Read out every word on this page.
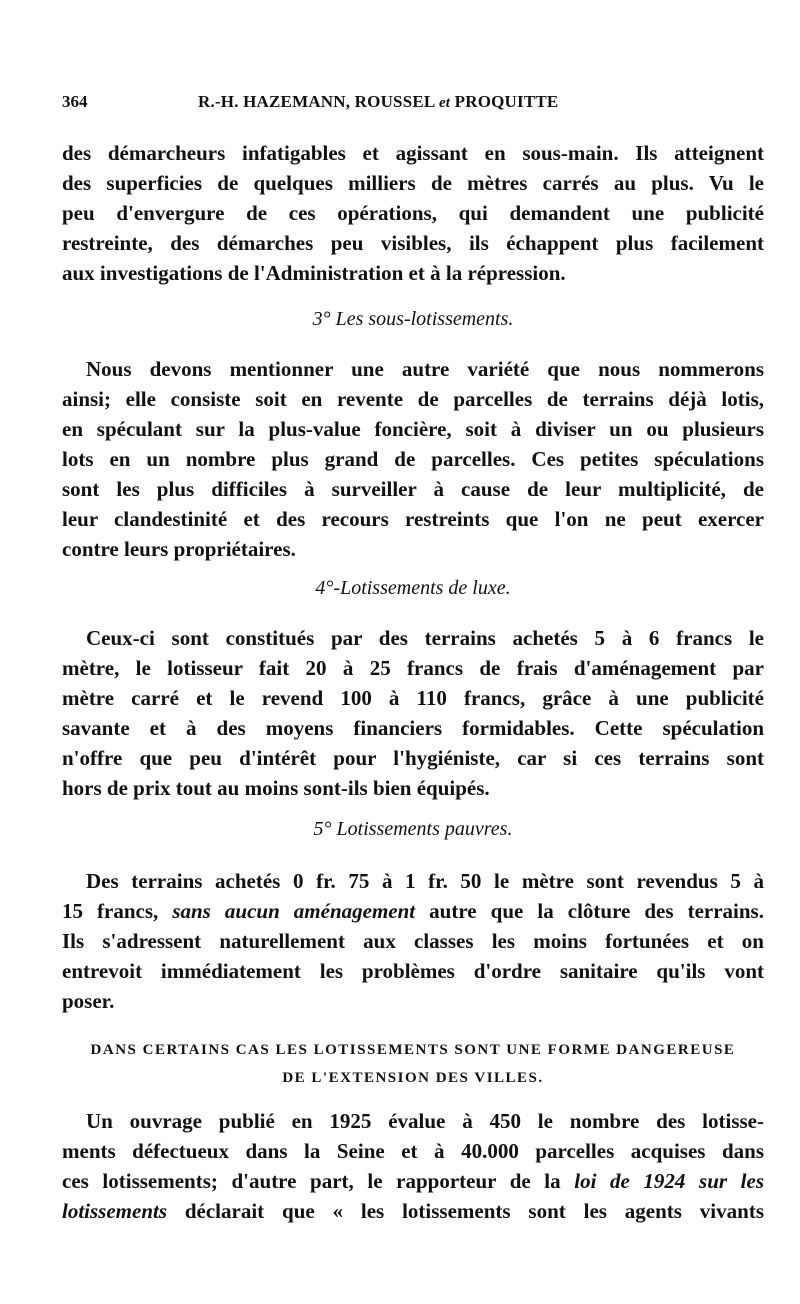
364	R.-H. HAZEMANN, ROUSSEL et PROQUITTE
des démarcheurs infatigables et agissant en sous-main. Ils atteignent
des superficies de quelques milliers de mètres carrés au plus. Vu le
peu d'envergure de ces opérations, qui demandent une publicité
restreinte, des démarches peu visibles, ils échappent plus facilement
aux investigations de l'Administration et à la répression.
3° Les sous-lotissements.
Nous devons mentionner une autre variété que nous nommerons
ainsi; elle consiste soit en revente de parcelles de terrains déjà lotis,
en spéculant sur la plus-value foncière, soit à diviser un ou plusieurs
lots en un nombre plus grand de parcelles. Ces petites spéculations
sont les plus difficiles à surveiller à cause de leur multiplicité, de
leur clandestinité et des recours restreints que l'on ne peut exercer
contre leurs propriétaires.
4°-Lotissements de luxe.
Ceux-ci sont constitués par des terrains achetés 5 à 6 francs le
mètre, le lotisseur fait 20 à 25 francs de frais d'aménagement par
mètre carré et le revend 100 à 110 francs, grâce à une publicité
savante et à des moyens financiers formidables. Cette spéculation
n'offre que peu d'intérêt pour l'hygiéniste, car si ces terrains sont
hors de prix tout au moins sont-ils bien équipés.
5° Lotissements pauvres.
Des terrains achetés 0 fr. 75 à 1 fr. 50 le mètre sont revendus 5 à
15 francs, sans aucun aménagement autre que la clôture des terrains.
Ils s'adressent naturellement aux classes les moins fortunées et on
entrevoit immédiatement les problèmes d'ordre sanitaire qu'ils vont
poser.
DANS CERTAINS CAS LES LOTISSEMENTS SONT UNE FORME DANGEREUSE
DE L'EXTENSION DES VILLES.
Un ouvrage publié en 1925 évalue à 450 le nombre des lotisse-
ments défectueux dans la Seine et à 40.000 parcelles acquises dans
ces lotissements; d'autre part, le rapporteur de la loi de 1924 sur les
lotissements déclarait que « les lotissements sont les agents vivants
